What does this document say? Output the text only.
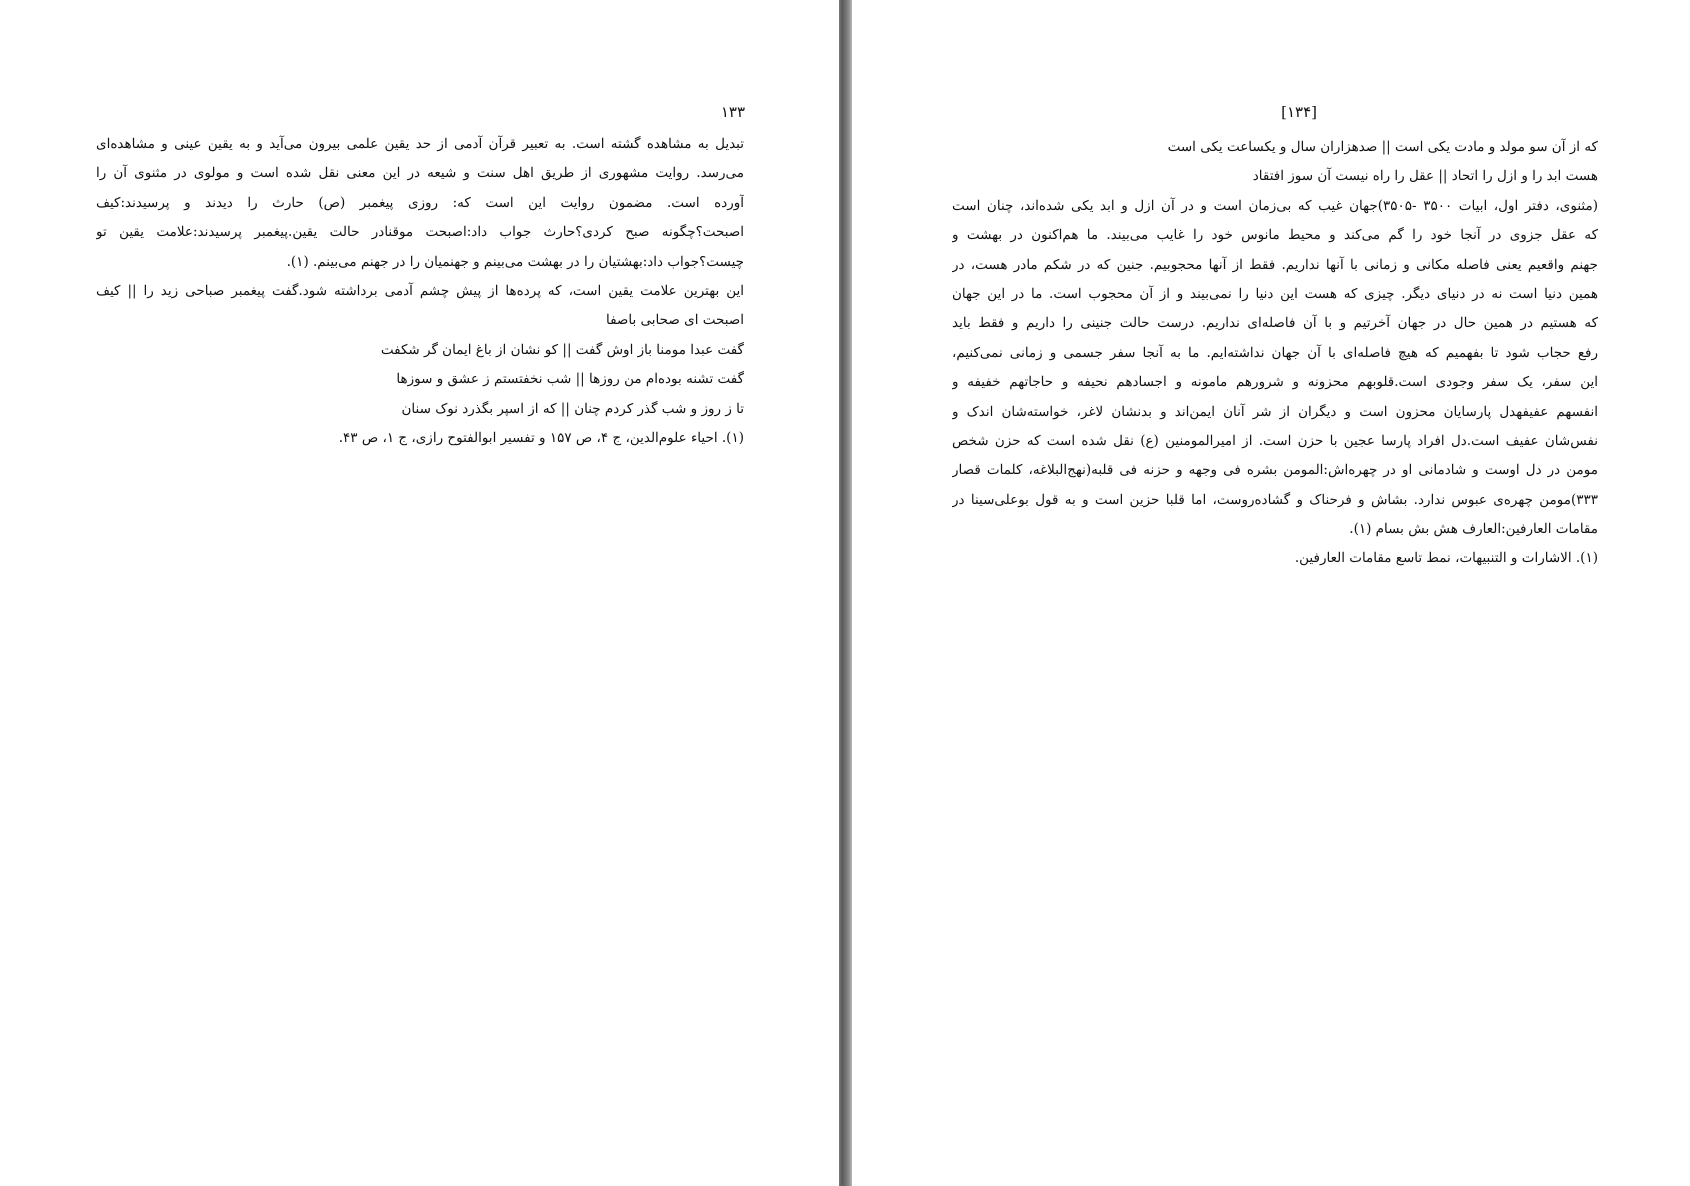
۱۳۳
تبدیل به مشاهده گشته است. به تعبیر قرآن آدمی از حد یقین علمی بیرون می‌آید و به یقین عینی و مشاهده‌ای
می‌رسد. روایت مشهوری از طریق اهل سنت و شیعه در این معنی نقل شده است و مولوی در مثنوی آن را
آورده است. مضمون روایت این است که: روزی پیغمبر (ص) حارث را دیدند و پرسیدند:کیف
اصبحت؟چگونه صبح کردی؟حارث جواب داد:اصبحت موقنادر حالت یقین.پیغمبر پرسیدند:علامت یقین تو
چیست؟جواب داد:بهشتیان را در بهشت می‌بینم و جهنمیان را در جهنم می‌بینم. (۱).
این بهترین علامت یقین است، که پرده‌ها از پیش چشم آدمی برداشته شود.گفت پیغمبر صباحی زید را || کیف
اصبحت ای صحابی باصفا
گفت عبدا مومنا باز اوش گفت || کو نشان از باغ ایمان گر شکفت
گفت تشنه بوده‌ام من روزها || شب نخفتستم ز عشق و سوزها
تا ز روز و شب گذر کردم چنان || که از اسپر بگذرد نوک سنان
(۱). احیاء علوم‌الدین، ج ۴، ص ۱۵۷ و تفسیر ابوالفتوح رازی، ج ۱، ص ۴۳.
[۱۳۴]
که از آن سو مولد و مادت یکی است || صدهزاران سال و یکساعت یکی است
هست ابد را و ازل را اتحاد || عقل را راه نیست آن سوز افتقاد
(مثنوی، دفتر اول، ابیات ۳۵۰۰ -۳۵۰۵)جهان غیب که بی‌زمان است و در آن ازل و ابد یکی شده‌اند، چنان است
که عقل جزوی در آنجا خود را گم می‌کند و محیط مانوس خود را غایب می‌بیند. ما هم‌اکنون در بهشت و
جهنم واقعیم یعنی فاصله مکانی و زمانی با آنها نداریم. فقط از آنها محجوبیم. جنین که در شکم مادر هست، در
همین دنیا است نه در دنیای دیگر. چیزی که هست این دنیا را نمی‌بیند و از آن محجوب است. ما در این جهان
که هستیم در همین حال در جهان آخرتیم و با آن فاصله‌ای نداریم. درست حالت جنینی را داریم و فقط باید
رفع حجاب شود تا بفهمیم که هیچ فاصله‌ای با آن جهان نداشته‌ایم. ما به آنجا سفر جسمی و زمانی نمی‌کنیم،
این سفر، یک سفر وجودی است.قلوبهم محزونه و شرورهم مامونه و اجسادهم نحیفه و حاجاتهم خفیفه و
انفسهم عفیفهدل پارسایان محزون است و دیگران از شر آنان ایمن‌اند و بدنشان لاغر، خواسته‌شان اندک و
نفس‌شان عفیف است.دل افراد پارسا عجین با حزن است. از امیرالمومنین (ع) نقل شده است که حزن شخص
مومن در دل اوست و شادمانی او در چهره‌اش:المومن بشره فی وجهه و حزنه فی قلبه(نهج‌البلاغه، کلمات قصار
۳۳۳)مومن چهره‌ی عبوس ندارد. بشاش و فرحناک و گشاده‌روست، اما قلبا حزین است و به قول بوعلی‌سینا در
مقامات العارفین:العارف هش بش بسام (۱).
(۱). الاشارات و التنبیهات، نمط تاسع مقامات العارفین.
